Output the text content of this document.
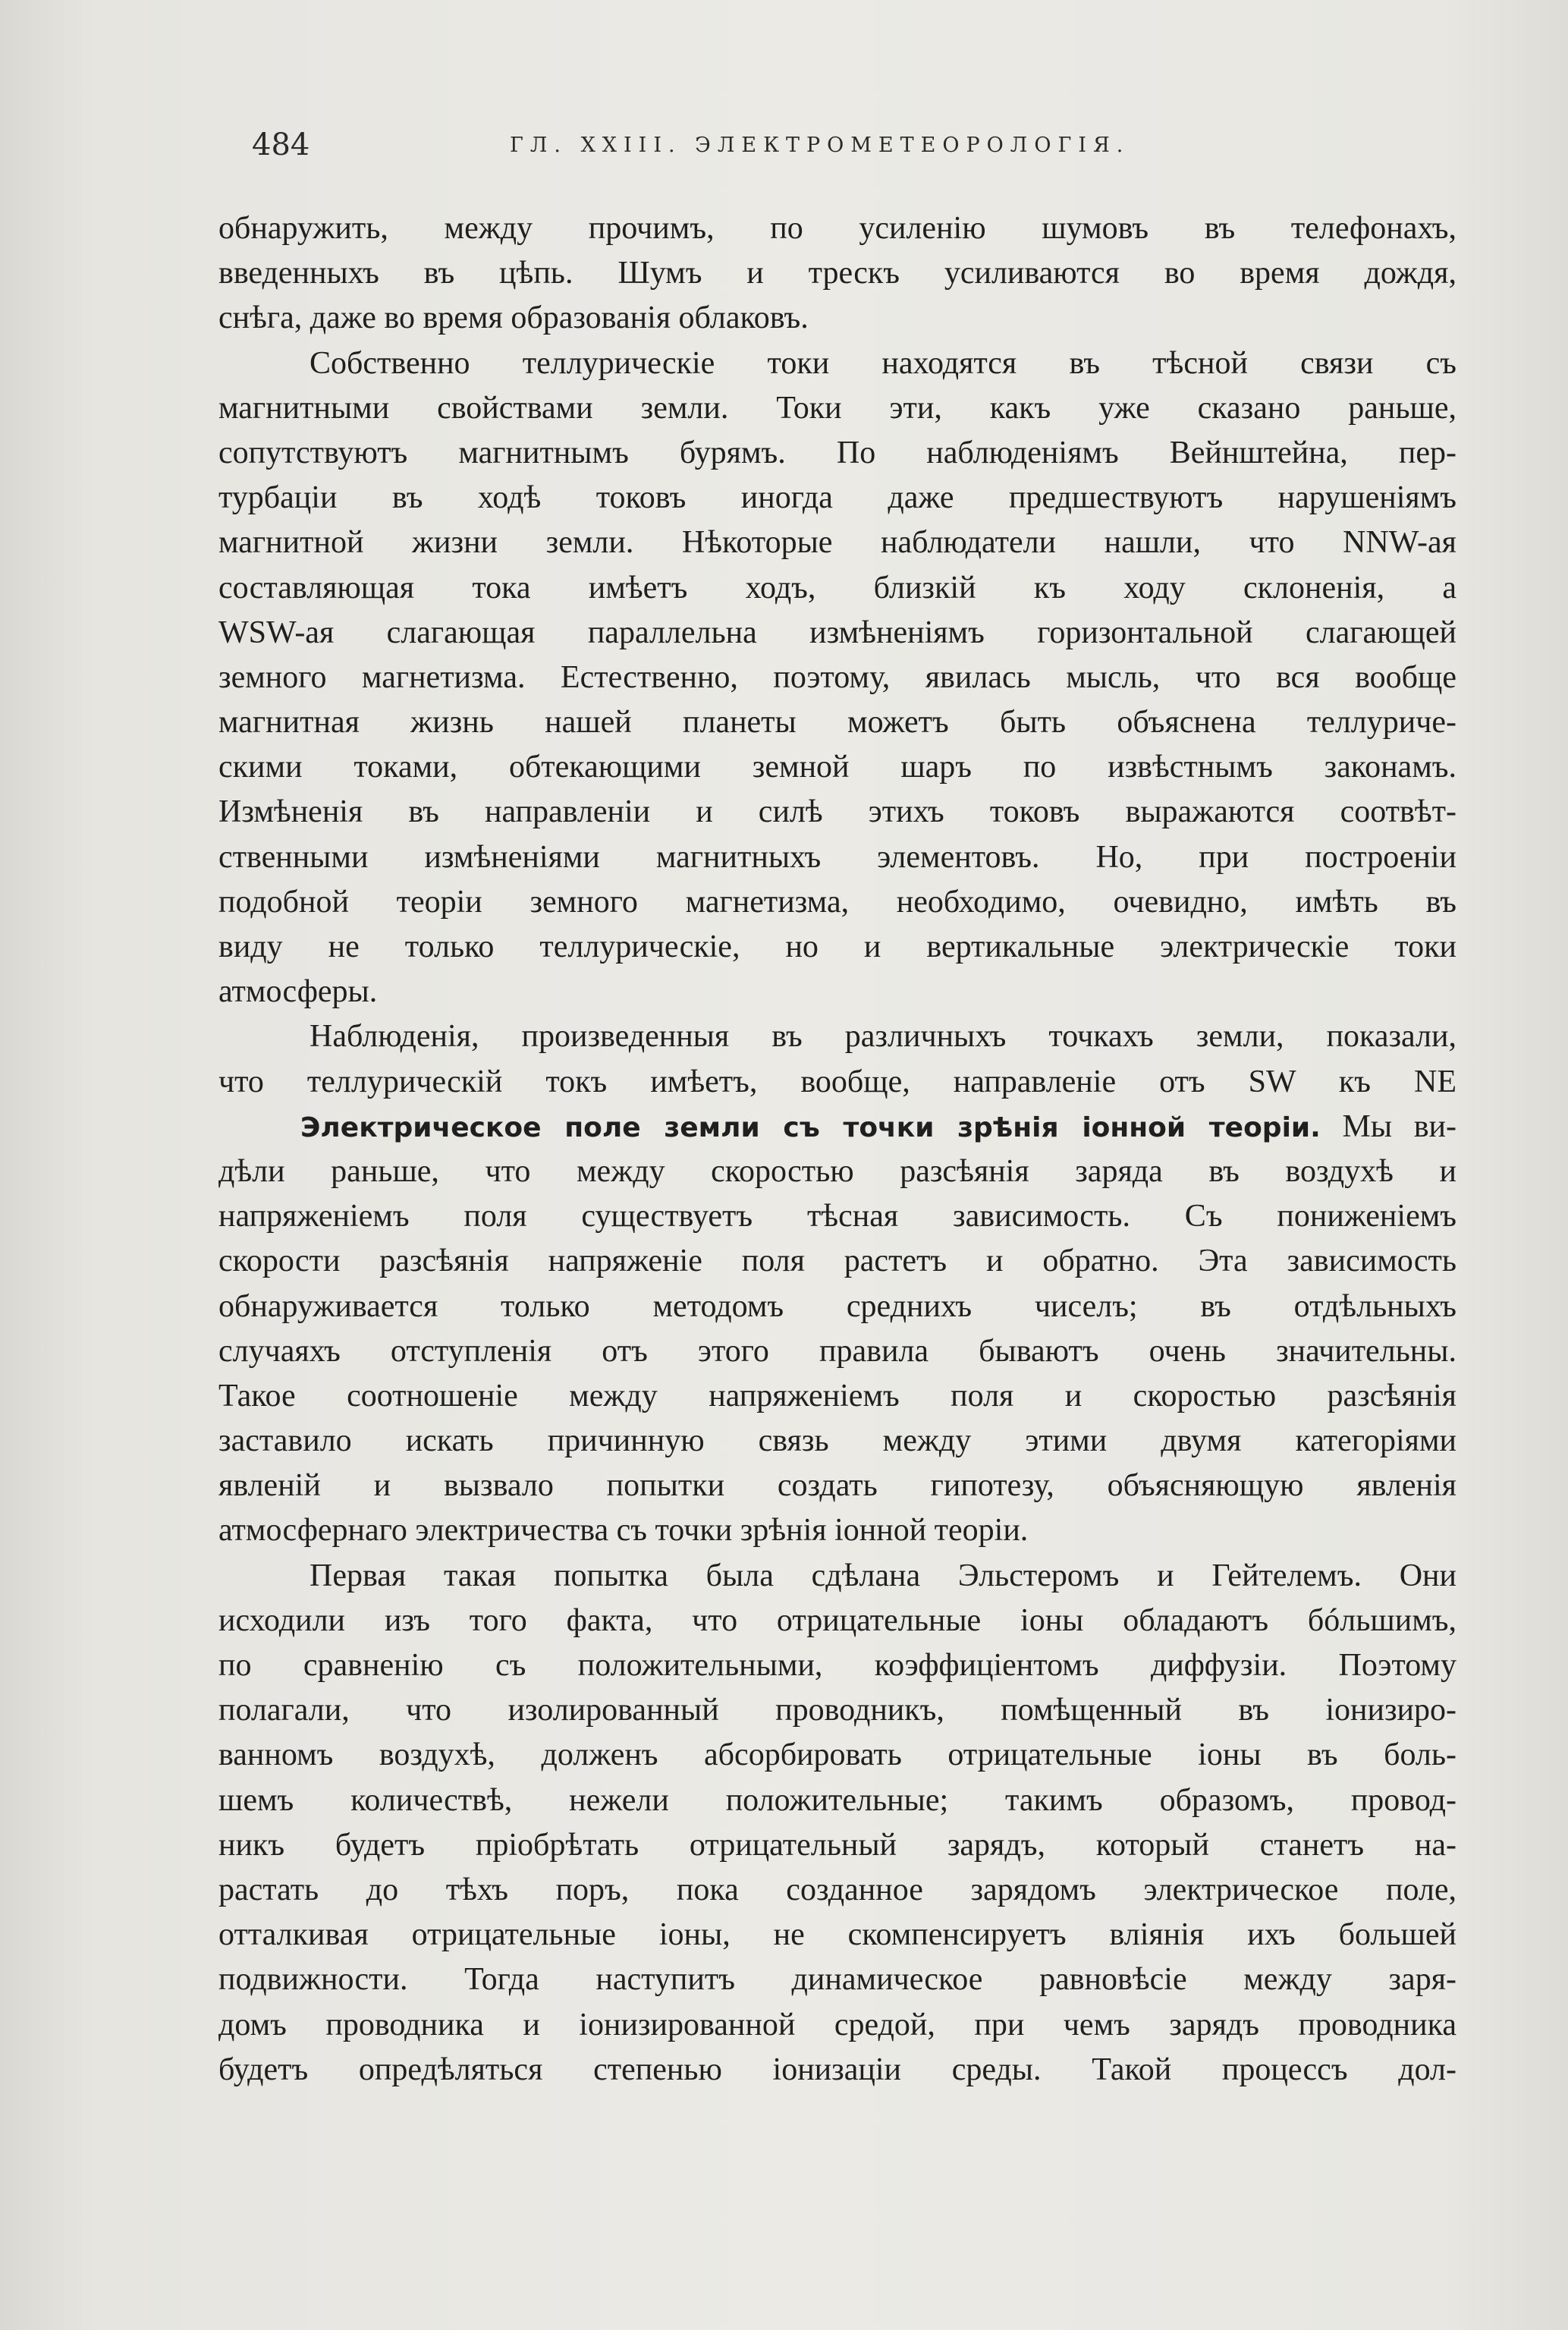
484	ГЛ. XXIII. ЭЛЕКТРОМЕТЕОРОЛОГІЯ.
обнаружить, между прочимъ, по усиленію шумовъ въ телефонахъ,
введенныхъ въ цѣпь. Шумъ и трескъ усиливаются во время дождя,
снѣга, даже во время образованія облаковъ.
Собственно теллурическіе токи находятся въ тѣсной связи съ
магнитными свойствами земли. Токи эти, какъ уже сказано раньше,
сопутствуютъ магнитнымъ бурямъ. По наблюденіямъ Вейнштейна, пер-
турбаціи въ ходѣ токовъ иногда даже предшествуютъ нарушеніямъ
магнитной жизни земли. Нѣкоторые наблюдатели нашли, что NNW-ая
составляющая тока имѣетъ ходъ, близкій къ ходу склоненія, а
WSW-ая слагающая параллельна измѣненіямъ горизонтальной слагающей
земного магнетизма. Естественно, поэтому, явилась мысль, что вся вообще
магнитная жизнь нашей планеты можетъ быть объяснена теллуриче-
скими токами, обтекающими земной шаръ по извѣстнымъ законамъ.
Измѣненія въ направленіи и силѣ этихъ токовъ выражаются соотвѣт-
ственными измѣненіями магнитныхъ элементовъ. Но, при построеніи
подобной теоріи земного магнетизма, необходимо, очевидно, имѣть въ
виду не только теллурическіе, но и вертикальные электрическіе токи
атмосферы.
Наблюденія, произведенныя въ различныхъ точкахъ земли, показали,
что теллурическій токъ имѣетъ, вообще, направленіе отъ SW къ NE
Электрическое поле земли съ точки зрѣнія іонной теоріи. Мы ви-
дѣли раньше, что между скоростью разсѣянія заряда въ воздухѣ и
напряженіемъ поля существуетъ тѣсная зависимость. Съ пониженіемъ
скорости разсѣянія напряженіе поля растетъ и обратно. Эта зависимость
обнаруживается только методомъ среднихъ чиселъ; въ отдѣльныхъ
случаяхъ отступленія отъ этого правила бываютъ очень значительны.
Такое соотношеніе между напряженіемъ поля и скоростью разсѣянія
заставило искать причинную связь между этими двумя категоріями
явленій и вызвало попытки создать гипотезу, объясняющую явленія
атмосфернаго электричества съ точки зрѣнія іонной теоріи.
Первая такая попытка была сдѣлана Эльстеромъ и Гейтелемъ. Они
исходили изъ того факта, что отрицательные іоны обладаютъ бóльшимъ,
по сравненію съ положительными, коэффиціентомъ диффузіи. Поэтому
полагали, что изолированный проводникъ, помѣщенный въ іонизиро-
ванномъ воздухѣ, долженъ абсорбировать отрицательные іоны въ боль-
шемъ количествѣ, нежели положительные; такимъ образомъ, провод-
никъ будетъ пріобрѣтать отрицательный зарядъ, который станетъ на-
растать до тѣхъ поръ, пока созданное зарядомъ электрическое поле,
отталкивая отрицательные іоны, не скомпенсируетъ вліянія ихъ большей
подвижности. Тогда наступитъ динамическое равновѣсіе между заря-
домъ проводника и іонизированной средой, при чемъ зарядъ проводника
будетъ опредѣляться степенью іонизаціи среды. Такой процессъ дол-
